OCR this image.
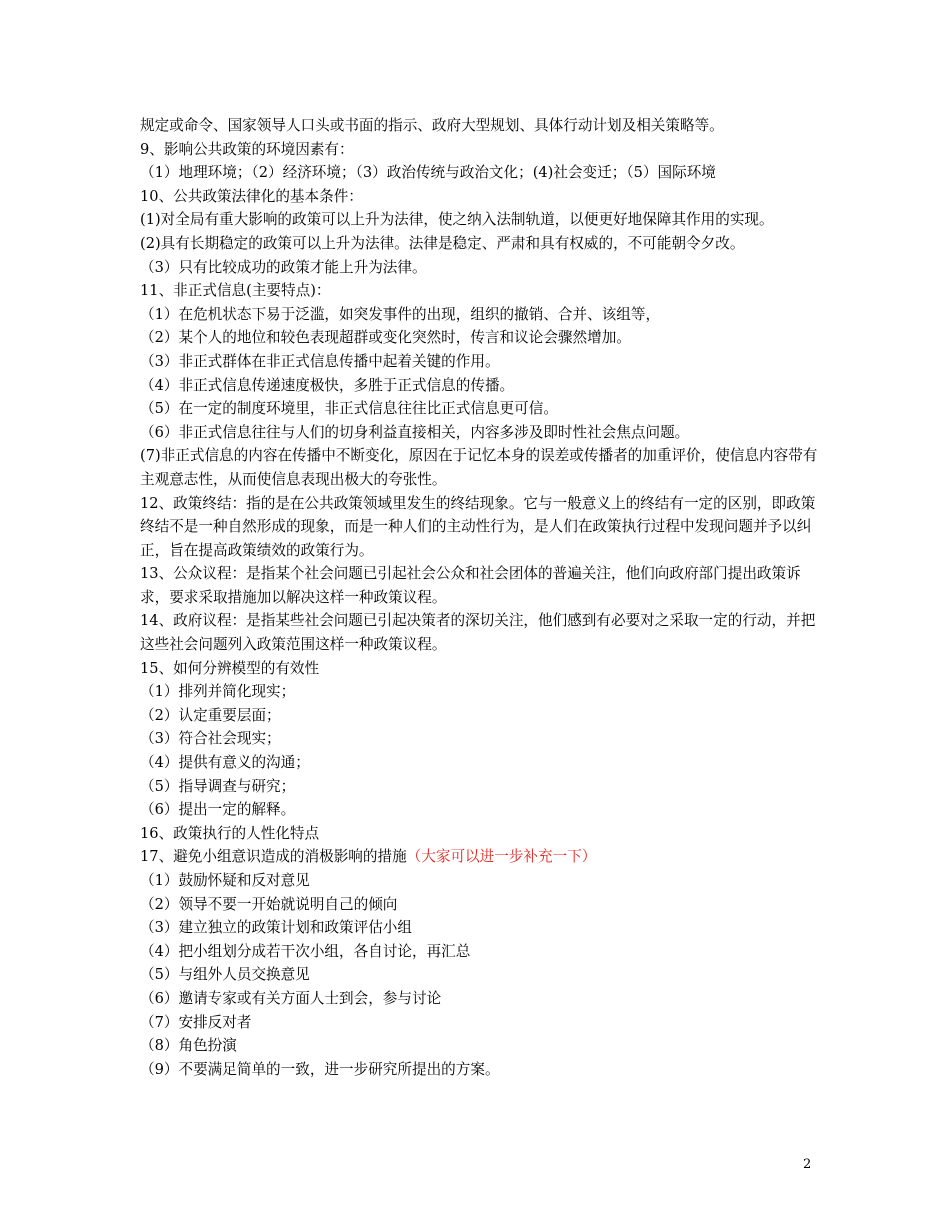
规定或命令、国家领导人口头或书面的指示、政府大型规划、具体行动计划及相关策略等。

9、影响公共政策的环境因素有：

（1）地理环境；（2）经济环境；（3）政治传统与政治文化；(4)社会变迁；（5）国际环境

10、公共政策法律化的基本条件：

(1)对全局有重大影响的政策可以上升为法律，使之纳入法制轨道，以便更好地保障其作用的实现。

(2)具有长期稳定的政策可以上升为法律。法律是稳定、严肃和具有权威的，不可能朝令夕改。

（3）只有比较成功的政策才能上升为法律。

11、非正式信息(主要特点)：

（1）在危机状态下易于泛滥，如突发事件的出现，组织的撤销、合并、该组等，

（2）某个人的地位和较色表现超群或变化突然时，传言和议论会骤然增加。

（3）非正式群体在非正式信息传播中起着关键的作用。

（4）非正式信息传递速度极快，多胜于正式信息的传播。

（5）在一定的制度环境里，非正式信息往往比正式信息更可信。

（6）非正式信息往往与人们的切身利益直接相关，内容多涉及即时性社会焦点问题。

(7)非正式信息的内容在传播中不断变化，原因在于记忆本身的误差或传播者的加重评价，使信息内容带有主观意志性，从而使信息表现出极大的夸张性。

12、政策终结：指的是在公共政策领域里发生的终结现象。它与一般意义上的终结有一定的区别，即政策终结不是一种自然形成的现象，而是一种人们的主动性行为，是人们在政策执行过程中发现问题并予以纠正，旨在提高政策绩效的政策行为。

13、公众议程：是指某个社会问题已引起社会公众和社会团体的普遍关注，他们向政府部门提出政策诉求，要求采取措施加以解决这样一种政策议程。

14、政府议程：是指某些社会问题已引起决策者的深切关注，他们感到有必要对之采取一定的行动，并把这些社会问题列入政策范围这样一种政策议程。

15、如何分辨模型的有效性

（1）排列并简化现实；

（2）认定重要层面；

（3）符合社会现实；

（4）提供有意义的沟通；

（5）指导调查与研究；

（6）提出一定的解释。

16、政策执行的人性化特点

17、避免小组意识造成的消极影响的措施（大家可以进一步补充一下）

（1）鼓励怀疑和反对意见

（2）领导不要一开始就说明自己的倾向

（3）建立独立的政策计划和政策评估小组

（4）把小组划分成若干次小组，各自讨论，再汇总

（5）与组外人员交换意见

（6）邀请专家或有关方面人士到会，参与讨论

（7）安排反对者

（8）角色扮演

（9）不要满足简单的一致，进一步研究所提出的方案。

2
